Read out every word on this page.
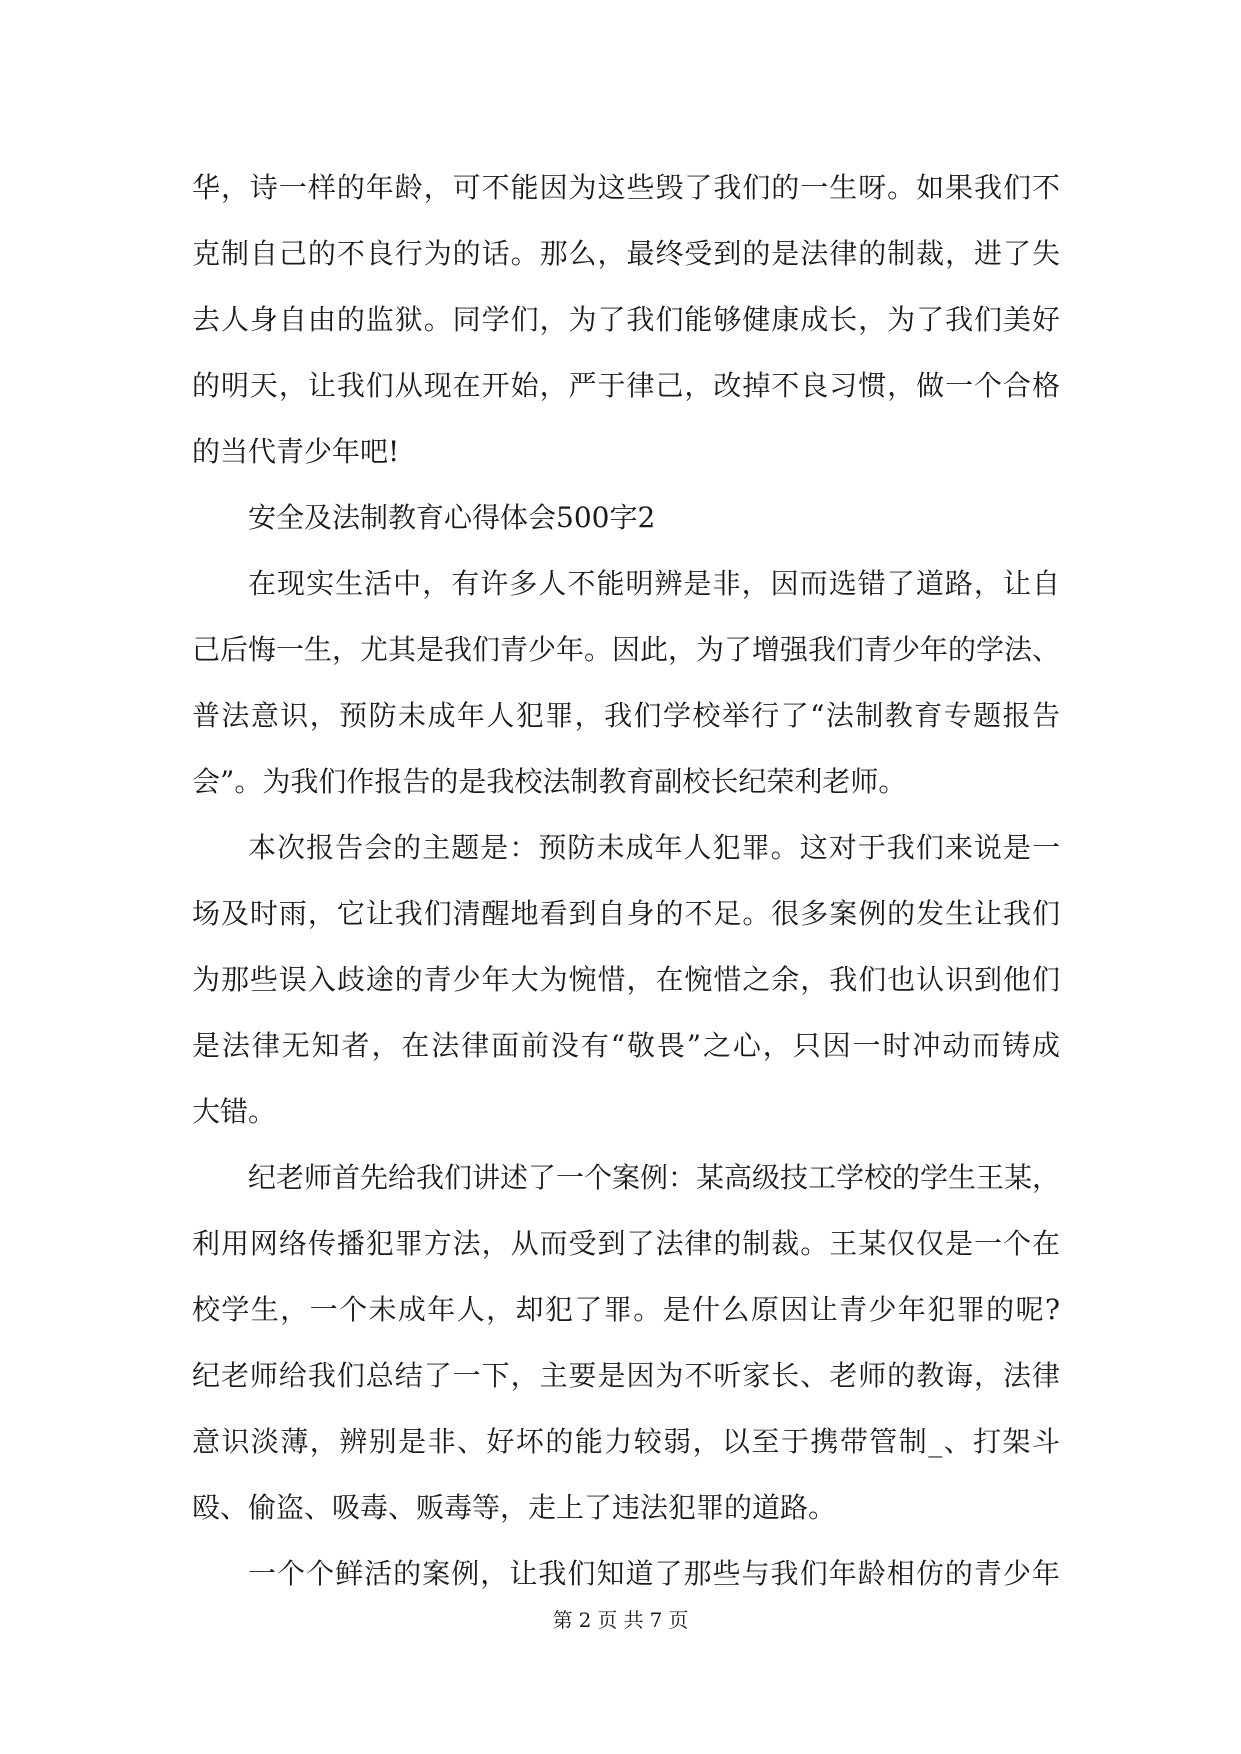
华，诗一样的年龄，可不能因为这些毁了我们的一生呀。如果我们不
克制自己的不良行为的话。那么，最终受到的是法律的制裁，进了失
去人身自由的监狱。同学们，为了我们能够健康成长，为了我们美好
的明天，让我们从现在开始，严于律己，改掉不良习惯，做一个合格
的当代青少年吧!
安全及法制教育心得体会500字2
在现实生活中，有许多人不能明辨是非，因而选错了道路，让自
己后悔一生，尤其是我们青少年。因此，为了增强我们青少年的学法、
普法意识，预防未成年人犯罪，我们学校举行了“法制教育专题报告
会”。为我们作报告的是我校法制教育副校长纪荣利老师。
本次报告会的主题是：预防未成年人犯罪。这对于我们来说是一
场及时雨，它让我们清醒地看到自身的不足。很多案例的发生让我们
为那些误入歧途的青少年大为惋惜，在惋惜之余，我们也认识到他们
是法律无知者，在法律面前没有“敬畏”之心，只因一时冲动而铸成
大错。
纪老师首先给我们讲述了一个案例：某高级技工学校的学生王某，
利用网络传播犯罪方法，从而受到了法律的制裁。王某仅仅是一个在
校学生，一个未成年人，却犯了罪。是什么原因让青少年犯罪的呢?
纪老师给我们总结了一下，主要是因为不听家长、老师的教诲，法律
意识淡薄，辨别是非、好坏的能力较弱，以至于携带管制_、打架斗
殴、偷盗、吸毒、贩毒等，走上了违法犯罪的道路。
一个个鲜活的案例，让我们知道了那些与我们年龄相仿的青少年
第 2 页 共 7 页
